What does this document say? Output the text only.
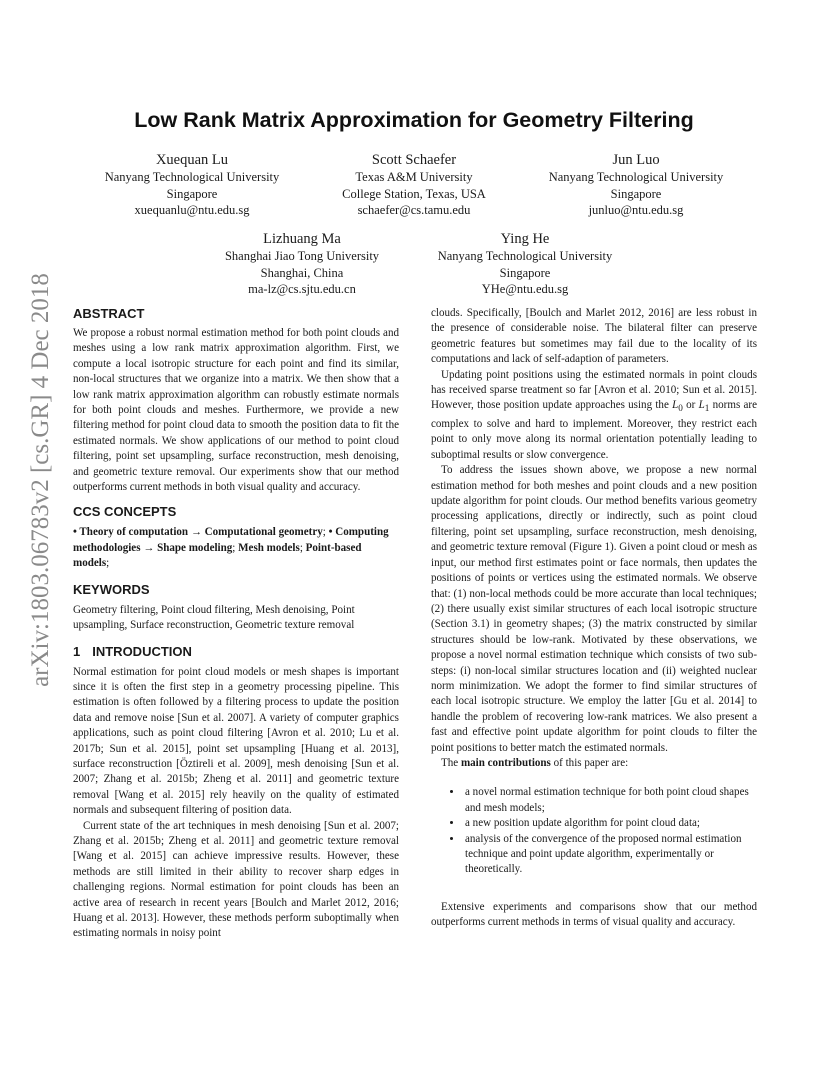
arXiv:1803.06783v2 [cs.GR] 4 Dec 2018
Low Rank Matrix Approximation for Geometry Filtering
Xuequan Lu
Nanyang Technological University
Singapore
xuequanlu@ntu.edu.sg
Scott Schaefer
Texas A&M University
College Station, Texas, USA
schaefer@cs.tamu.edu
Jun Luo
Nanyang Technological University
Singapore
junluo@ntu.edu.sg
Lizhuang Ma
Shanghai Jiao Tong University
Shanghai, China
ma-lz@cs.sjtu.edu.cn
Ying He
Nanyang Technological University
Singapore
YHe@ntu.edu.sg
ABSTRACT

We propose a robust normal estimation method for both point clouds and meshes using a low rank matrix approximation algorithm. First, we compute a local isotropic structure for each point and find its similar, non-local structures that we organize into a matrix. We then show that a low rank matrix approximation algorithm can robustly estimate normals for both point clouds and meshes. Furthermore, we provide a new filtering method for point cloud data to smooth the position data to fit the estimated normals. We show applications of our method to point cloud filtering, point set upsampling, surface reconstruction, mesh denoising, and geometric texture removal. Our experiments show that our method outperforms current methods in both visual quality and accuracy.

CCS CONCEPTS

• Theory of computation → Computational geometry; • Computing methodologies → Shape modeling; Mesh models; Point-based models;

KEYWORDS

Geometry filtering, Point cloud filtering, Mesh denoising, Point upsampling, Surface reconstruction, Geometric texture removal

1 INTRODUCTION

Normal estimation for point cloud models or mesh shapes is important since it is often the first step in a geometry processing pipeline. This estimation is often followed by a filtering process to update the position data and remove noise [Sun et al. 2007]. A variety of computer graphics applications, such as point cloud filtering [Avron et al. 2010; Lu et al. 2017b; Sun et al. 2015], point set upsampling [Huang et al. 2013], surface reconstruction [Öztireli et al. 2009], mesh denoising [Sun et al. 2007; Zhang et al. 2015b; Zheng et al. 2011] and geometric texture removal [Wang et al. 2015] rely heavily on the quality of estimated normals and subsequent filtering of position data.

Current state of the art techniques in mesh denoising [Sun et al. 2007; Zhang et al. 2015b; Zheng et al. 2011] and geometric texture removal [Wang et al. 2015] can achieve impressive results. However, these methods are still limited in their ability to recover sharp edges in challenging regions. Normal estimation for point clouds has been an active area of research in recent years [Boulch and Marlet 2012, 2016; Huang et al. 2013]. However, these methods perform suboptimally when estimating normals in noisy point

clouds. Specifically, [Boulch and Marlet 2012, 2016] are less robust in the presence of considerable noise. The bilateral filter can preserve geometric features but sometimes may fail due to the locality of its computations and lack of self-adaption of parameters.

Updating point positions using the estimated normals in point clouds has received sparse treatment so far [Avron et al. 2010; Sun et al. 2015]. However, those position update approaches using the $L_0$ or $L_1$ norms are complex to solve and hard to implement. Moreover, they restrict each point to only move along its normal orientation potentially leading to suboptimal results or slow convergence.

To address the issues shown above, we propose a new normal estimation method for both meshes and point clouds and a new position update algorithm for point clouds. Our method benefits various geometry processing applications, directly or indirectly, such as point cloud filtering, point set upsampling, surface reconstruction, mesh denoising, and geometric texture removal (Figure 1). Given a point cloud or mesh as input, our method first estimates point or face normals, then updates the positions of points or vertices using the estimated normals. We observe that: (1) non-local methods could be more accurate than local techniques; (2) there usually exist similar structures of each local isotropic structure (Section 3.1) in geometry shapes; (3) the matrix constructed by similar structures should be low-rank. Motivated by these observations, we propose a novel normal estimation technique which consists of two sub-steps: (i) non-local similar structures location and (ii) weighted nuclear norm minimization. We adopt the former to find similar structures of each local isotropic structure. We employ the latter [Gu et al. 2014] to handle the problem of recovering low-rank matrices. We also present a fast and effective point update algorithm for point clouds to filter the point positions to better match the estimated normals.

The main contributions of this paper are:

• a novel normal estimation technique for both point cloud shapes and mesh models;
• a new position update algorithm for point cloud data;
• analysis of the convergence of the proposed normal estimation technique and point update algorithm, experimentally or theoretically.

Extensive experiments and comparisons show that our method outperforms current methods in terms of visual quality and accuracy.
